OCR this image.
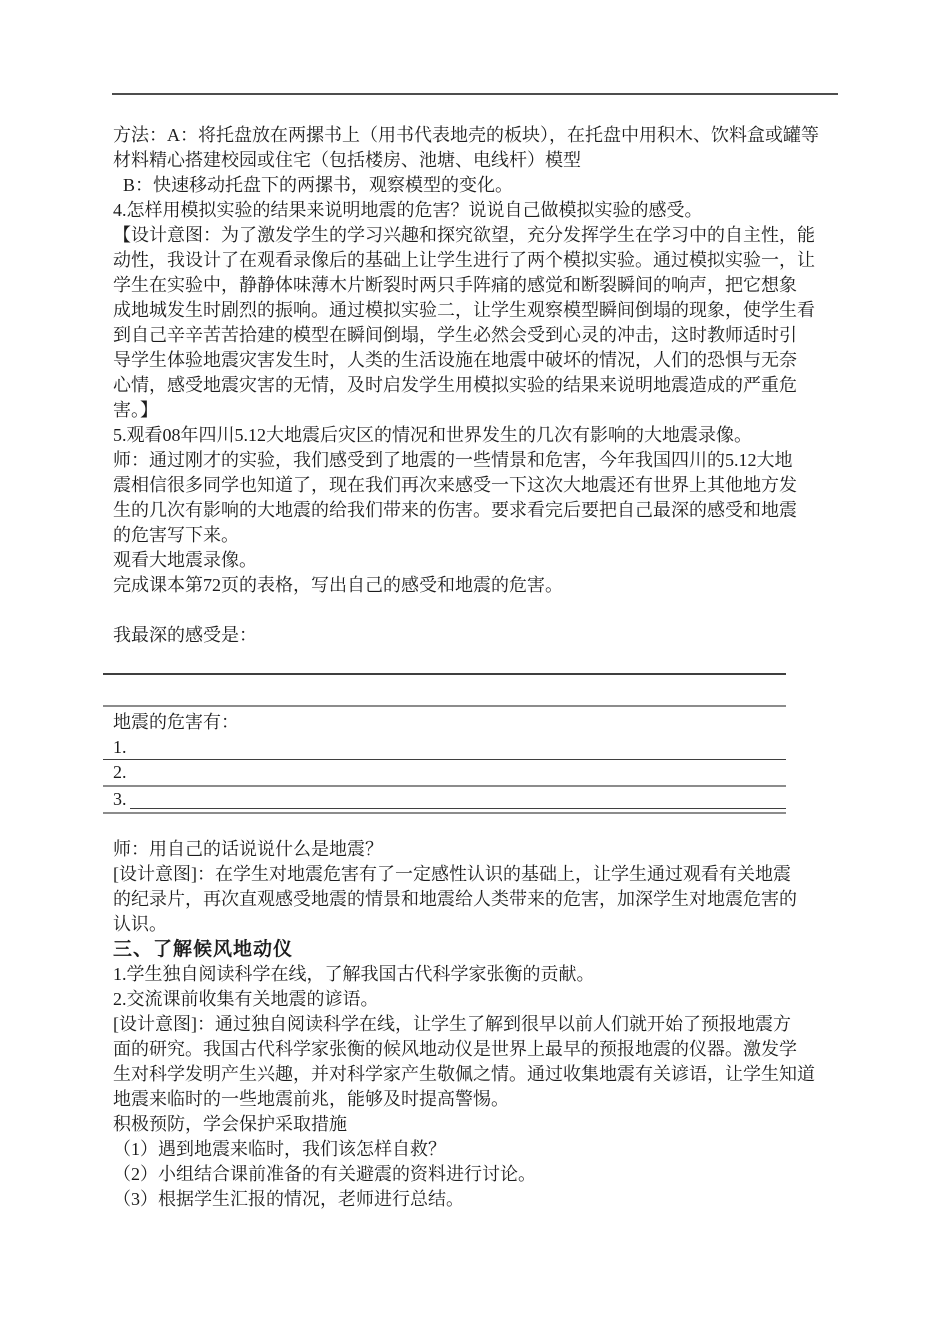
方法：A：将托盘放在两摞书上（用书代表地壳的板块），在托盘中用积木、饮料盒或罐等
材料精心搭建校园或住宅（包括楼房、池塘、电线杆）模型
B：快速移动托盘下的两摞书，观察模型的变化。
4.怎样用模拟实验的结果来说明地震的危害？说说自己做模拟实验的感受。
【设计意图：为了激发学生的学习兴趣和探究欲望，充分发挥学生在学习中的自主性，能
动性，我设计了在观看录像后的基础上让学生进行了两个模拟实验。通过模拟实验一，让
学生在实验中，静静体味薄木片断裂时两只手阵痛的感觉和断裂瞬间的响声，把它想象
成地城发生时剧烈的振响。通过模拟实验二，让学生观察模型瞬间倒塌的现象，使学生看
到自己辛辛苦苦拾建的模型在瞬间倒塌，学生必然会受到心灵的冲击，这时教师适时引
导学生体验地震灾害发生时，人类的生活设施在地震中破坏的情况，人们的恐惧与无奈
心情，感受地震灾害的无情，及时启发学生用模拟实验的结果来说明地震造成的严重危
害。】
5.观看08年四川5.12大地震后灾区的情况和世界发生的几次有影响的大地震录像。
师：通过刚才的实验，我们感受到了地震的一些情景和危害，今年我国四川的5.12大地
震相信很多同学也知道了，现在我们再次来感受一下这次大地震还有世界上其他地方发
生的几次有影响的大地震的给我们带来的伤害。要求看完后要把自己最深的感受和地震
的危害写下来。
观看大地震录像。
完成课本第72页的表格，写出自己的感受和地震的危害。
我最深的感受是：
地震的危害有：
1.
2.
3.
师：用自己的话说说什么是地震？
[设计意图]：在学生对地震危害有了一定感性认识的基础上，让学生通过观看有关地震
的纪录片，再次直观感受地震的情景和地震给人类带来的危害，加深学生对地震危害的
认识。
三、了解候风地动仪
1.学生独自阅读科学在线，了解我国古代科学家张衡的贡献。
2.交流课前收集有关地震的谚语。
[设计意图]：通过独自阅读科学在线，让学生了解到很早以前人们就开始了预报地震方
面的研究。我国古代科学家张衡的候风地动仪是世界上最早的预报地震的仪器。激发学
生对科学发明产生兴趣，并对科学家产生敬佩之情。通过收集地震有关谚语，让学生知道
地震来临时的一些地震前兆，能够及时提高警惕。
积极预防，学会保护采取措施
（1）遇到地震来临时，我们该怎样自救？
（2）小组结合课前准备的有关避震的资料进行讨论。
（3）根据学生汇报的情况，老师进行总结。
